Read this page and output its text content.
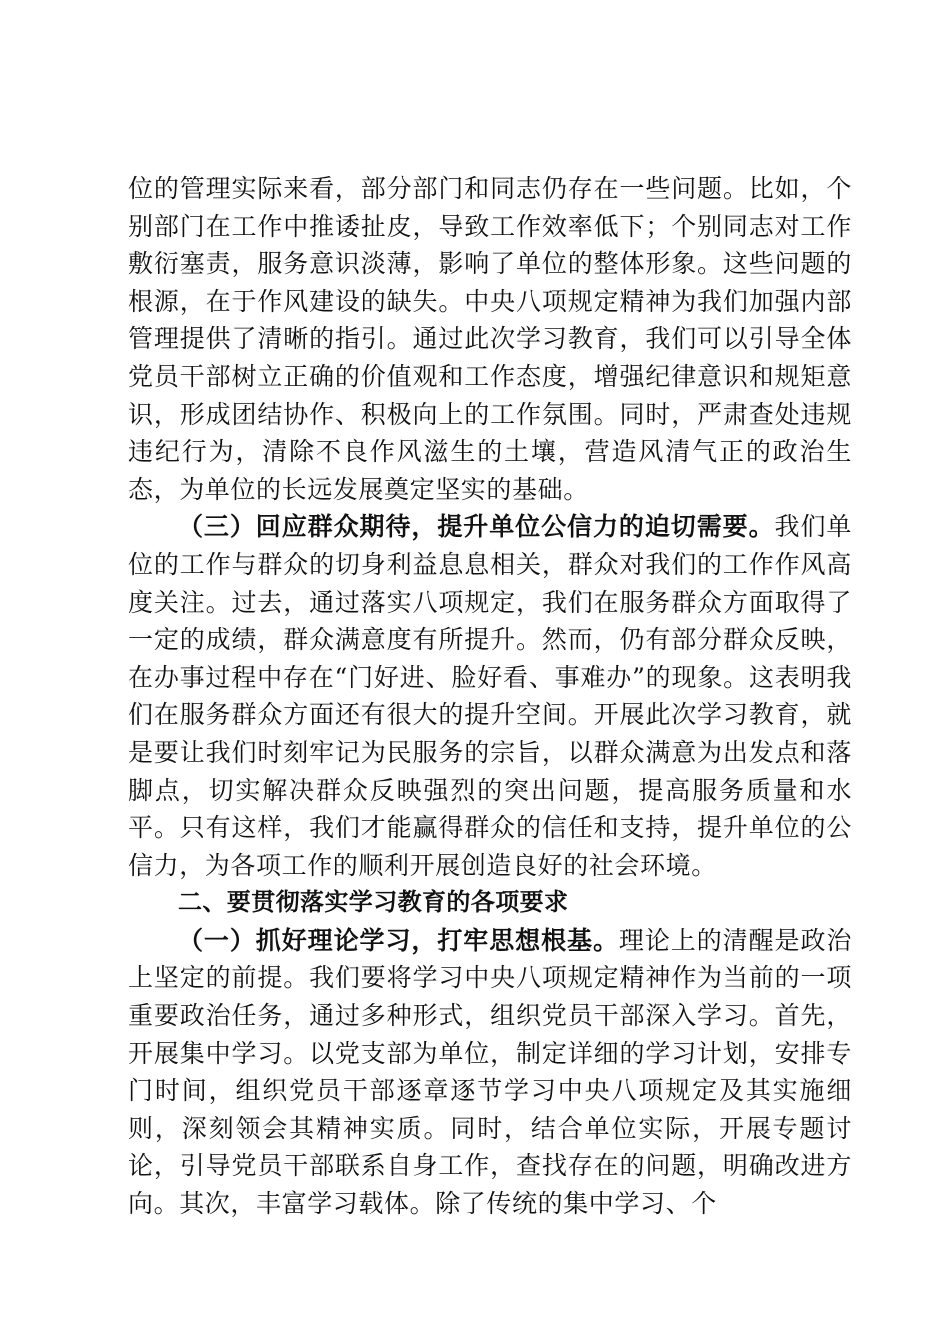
位的管理实际来看，部分部门和同志仍存在一些问题。比如，个别部门在工作中推诿扯皮，导致工作效率低下；个别同志对工作敷衍塞责，服务意识淡薄，影响了单位的整体形象。这些问题的根源，在于作风建设的缺失。中央八项规定精神为我们加强内部管理提供了清晰的指引。通过此次学习教育，我们可以引导全体党员干部树立正确的价值观和工作态度，增强纪律意识和规矩意识，形成团结协作、积极向上的工作氛围。同时，严肃查处违规违纪行为，清除不良作风滋生的土壤，营造风清气正的政治生态，为单位的长远发展奠定坚实的基础。

（三）回应群众期待，提升单位公信力的迫切需要。我们单位的工作与群众的切身利益息息相关，群众对我们的工作作风高度关注。过去，通过落实八项规定，我们在服务群众方面取得了一定的成绩，群众满意度有所提升。然而，仍有部分群众反映，在办事过程中存在“门好进、脸好看、事难办”的现象。这表明我们在服务群众方面还有很大的提升空间。开展此次学习教育，就是要让我们时刻牢记为民服务的宗旨，以群众满意为出发点和落脚点，切实解决群众反映强烈的突出问题，提高服务质量和水平。只有这样，我们才能赢得群众的信任和支持，提升单位的公信力，为各项工作的顺利开展创造良好的社会环境。

二、要贯彻落实学习教育的各项要求

（一）抓好理论学习，打牢思想根基。理论上的清醒是政治上坚定的前提。我们要将学习中央八项规定精神作为当前的一项重要政治任务，通过多种形式，组织党员干部深入学习。首先，开展集中学习。以党支部为单位，制定详细的学习计划，安排专门时间，组织党员干部逐章逐节学习中央八项规定及其实施细则，深刻领会其精神实质。同时，结合单位实际，开展专题讨论，引导党员干部联系自身工作，查找存在的问题，明确改进方向。其次，丰富学习载体。除了传统的集中学习、个
